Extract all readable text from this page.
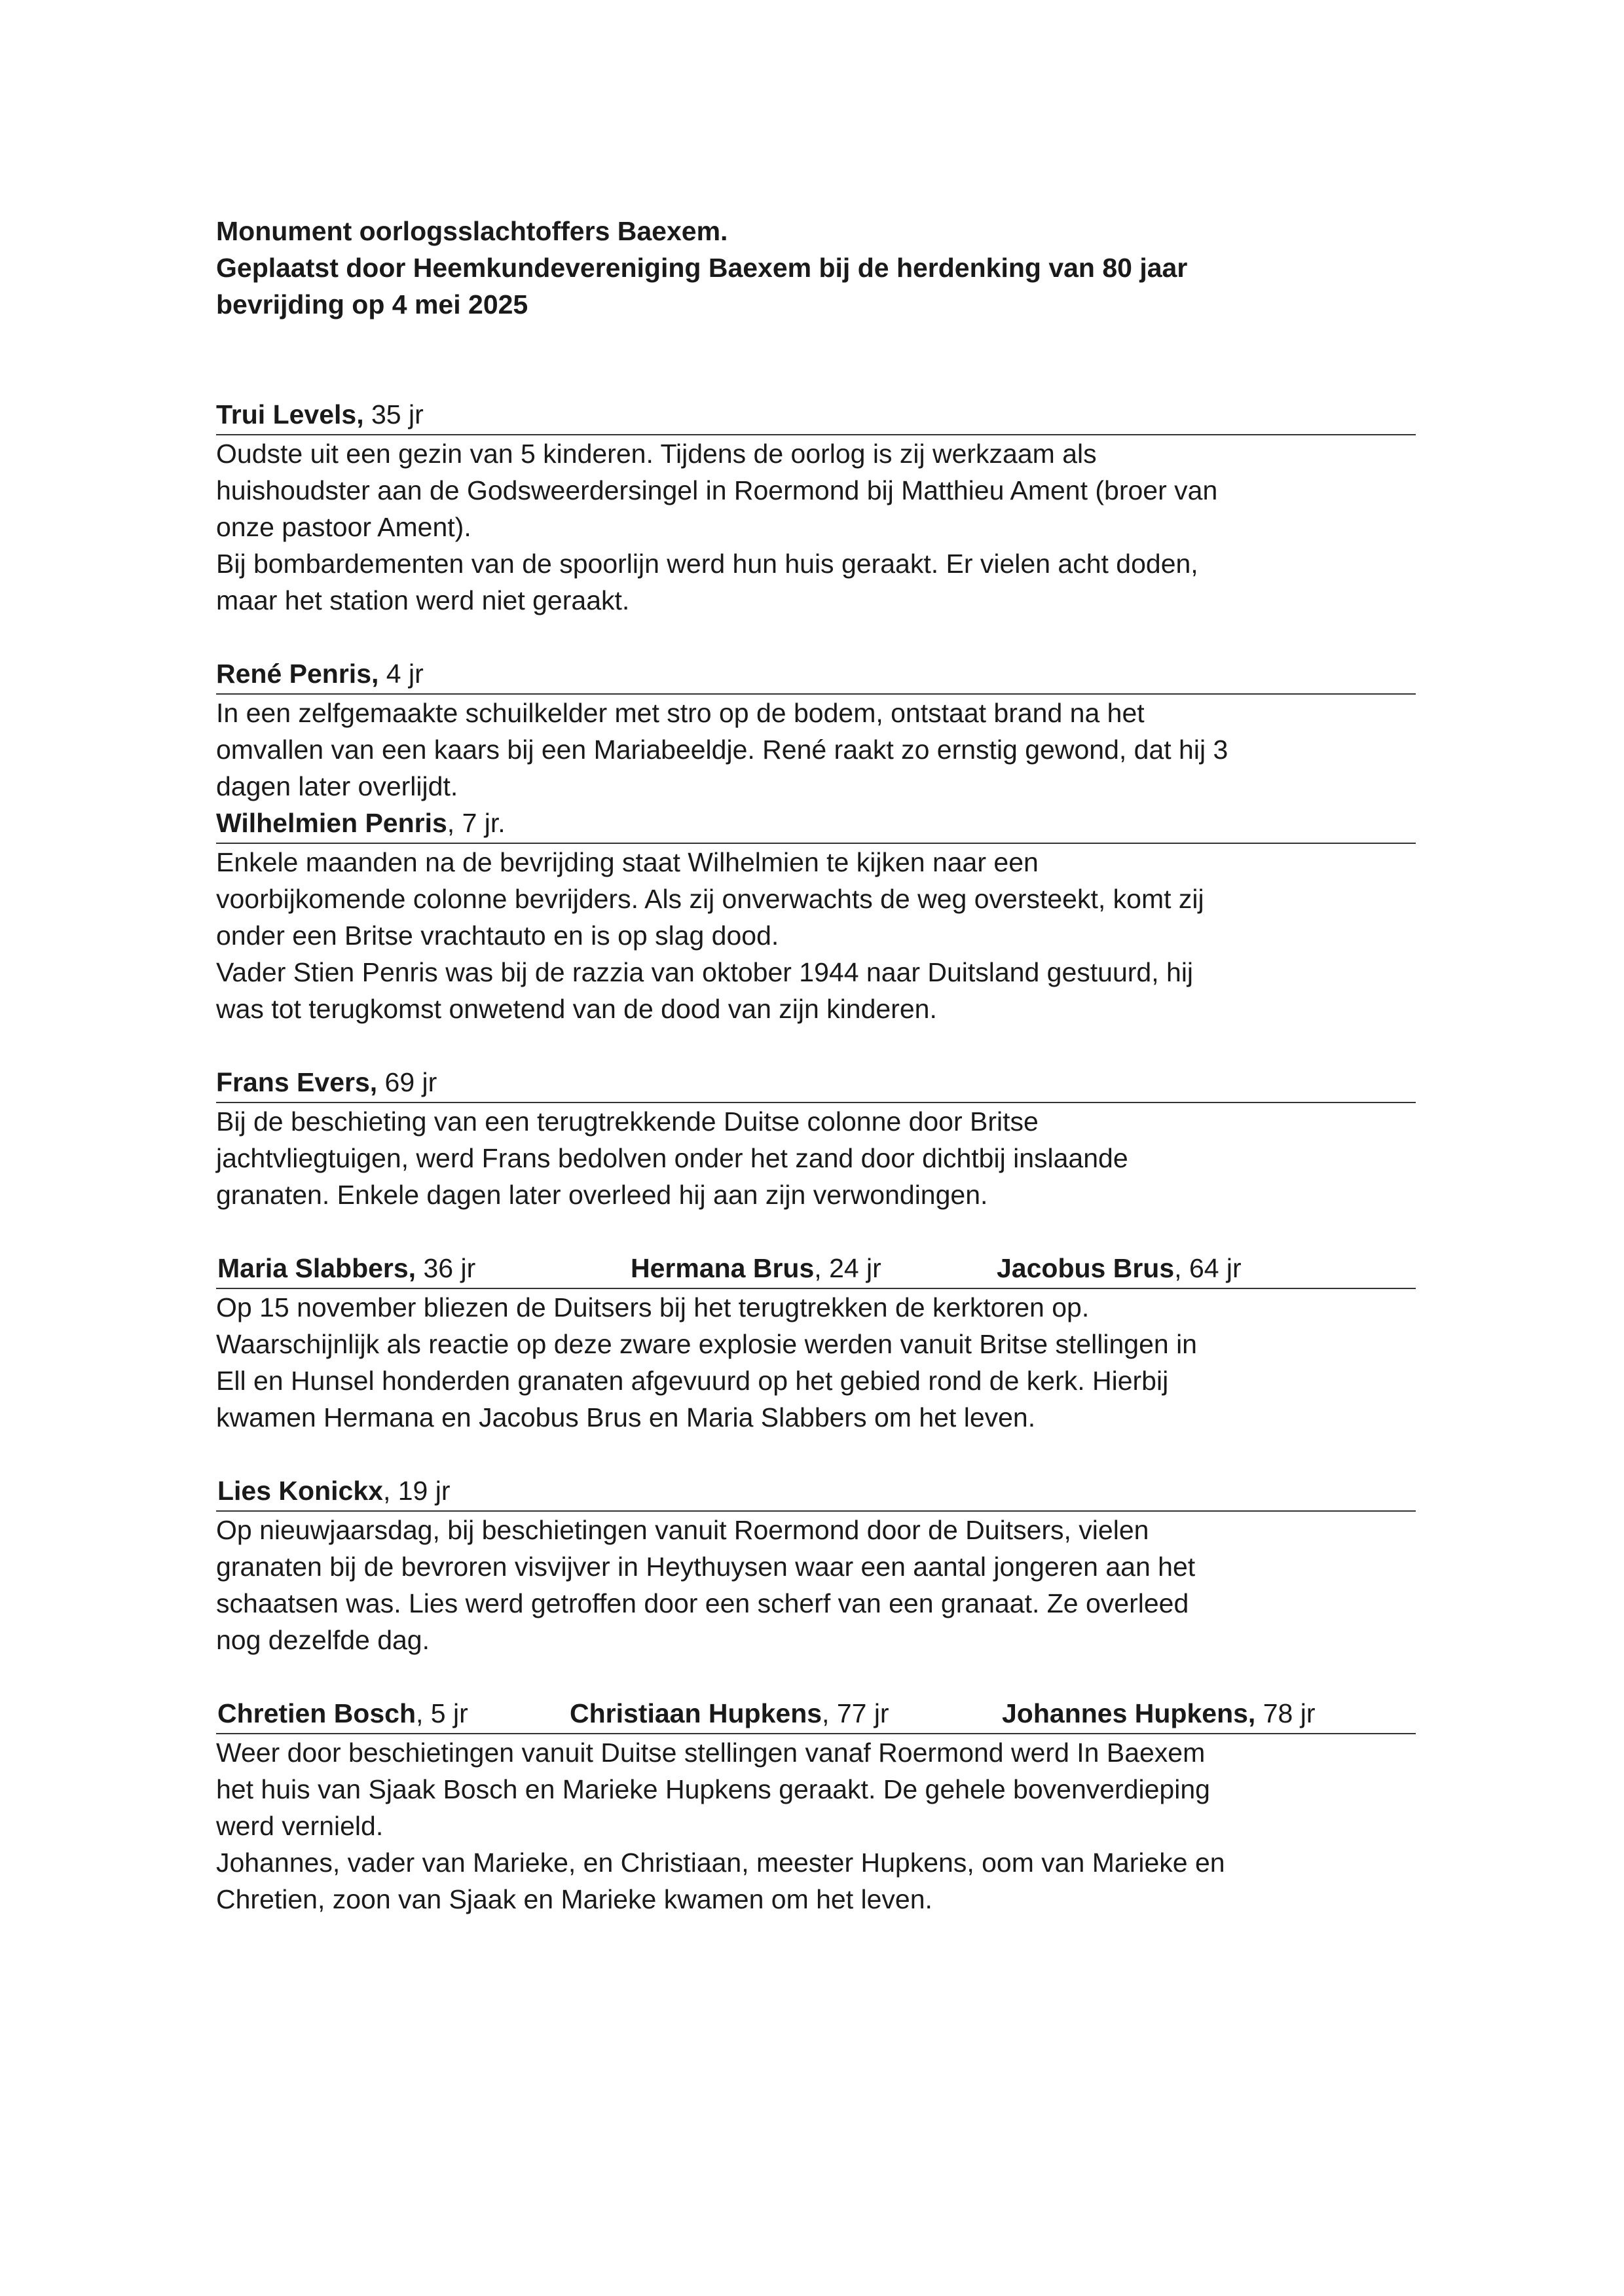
Monument oorlogsslachtoffers Baexem.

Geplaatst door Heemkundevereniging Baexem bij de herdenking van 80 jaar

bevrijding op 4 mei 2025

Trui Levels, 35 jr

Oudste uit een gezin van 5 kinderen. Tijdens de oorlog is zij werkzaam als

huishoudster aan de Godsweerdersingel in Roermond bij Matthieu Ament (broer van

onze pastoor Ament).

Bij bombardementen van de spoorlijn werd hun huis geraakt. Er vielen acht doden,

maar het station werd niet geraakt.

René Penris, 4 jr

In een zelfgemaakte schuilkelder met stro op de bodem, ontstaat brand na het

omvallen van een kaars bij een Mariabeeldje. René raakt zo ernstig gewond, dat hij 3

dagen later overlijdt.

Wilhelmien Penris, 7 jr.

Enkele maanden na de bevrijding staat Wilhelmien te kijken naar een

voorbijkomende colonne bevrijders. Als zij onverwachts de weg oversteekt, komt zij

onder een Britse vrachtauto en is op slag dood.

Vader Stien Penris was bij de razzia van oktober 1944 naar Duitsland gestuurd, hij

was tot terugkomst onwetend van de dood van zijn kinderen.

Frans Evers, 69 jr

Bij de beschieting van een terugtrekkende Duitse colonne door Britse

jachtvliegtuigen, werd Frans bedolven onder het zand door dichtbij inslaande

granaten. Enkele dagen later overleed hij aan zijn verwondingen.

Maria Slabbers, 36 jr	Hermana Brus, 24 jr	Jacobus Brus, 64 jr

Op 15 november bliezen de Duitsers bij het terugtrekken de kerktoren op.

Waarschijnlijk als reactie op deze zware explosie werden vanuit Britse stellingen in

Ell en Hunsel honderden granaten afgevuurd op het gebied rond de kerk. Hierbij

kwamen Hermana en Jacobus Brus en Maria Slabbers om het leven.

Lies Konickx, 19 jr

Op nieuwjaarsdag, bij beschietingen vanuit Roermond door de Duitsers, vielen

granaten bij de bevroren visvijver in Heythuysen waar een aantal jongeren aan het

schaatsen was. Lies werd getroffen door een scherf van een granaat. Ze overleed

nog dezelfde dag.

Chretien Bosch, 5 jr	Christiaan Hupkens, 77 jr	Johannes Hupkens, 78 jr

Weer door beschietingen vanuit Duitse stellingen vanaf Roermond werd In Baexem

het huis van Sjaak Bosch en Marieke Hupkens geraakt. De gehele bovenverdieping

werd vernield.

Johannes, vader van Marieke, en Christiaan, meester Hupkens, oom van Marieke en

Chretien, zoon van Sjaak en Marieke kwamen om het leven.
